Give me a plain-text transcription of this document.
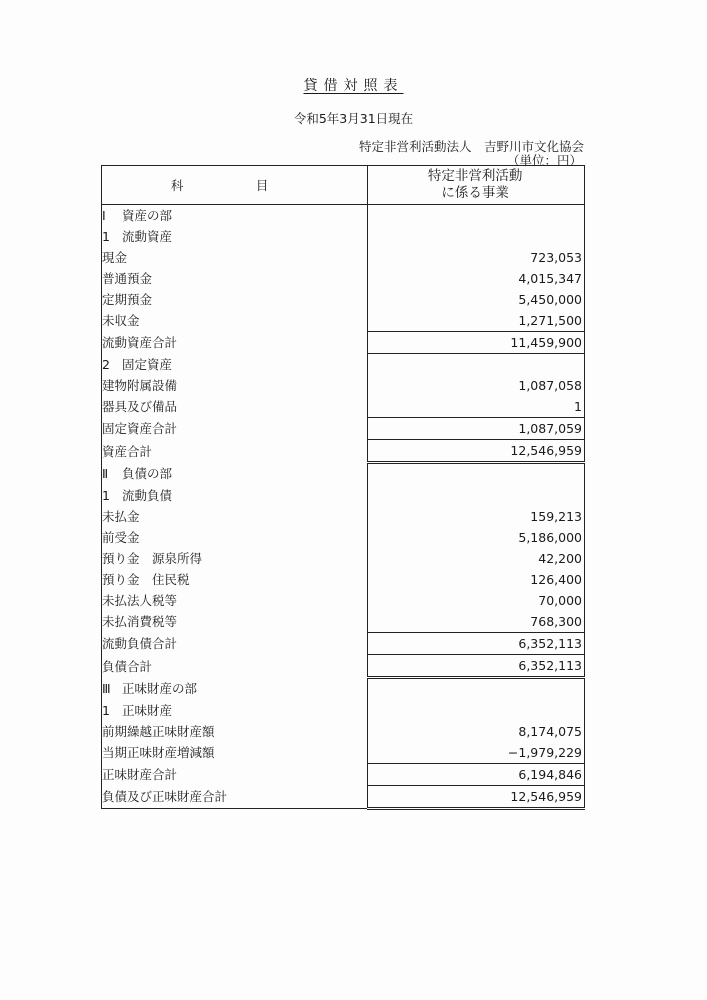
貸借対照表
令和5年3月31日現在
特定非営利活動法人　吉野川市文化協会
（単位：円）
科　目	特定非営利活動
に係る事業

Ⅰ 資産の部	
1 流動資産	
現金	723,053
普通預金	4,015,347
定期預金	5,450,000
未収金	1,271,500
流動資産合計	11,459,900
2 固定資産	
建物附属設備	1,087,058
器具及び備品	1
固定資産合計	1,087,059
資産合計	12,546,959
Ⅱ 負債の部	
1 流動負債	
未払金	159,213
前受金	5,186,000
預り金　源泉所得	42,200
預り金　住民税	126,400
未払法人税等	70,000
未払消費税等	768,300
流動負債合計	6,352,113
負債合計	6,352,113
Ⅲ 正味財産の部	
1 正味財産	
前期繰越正味財産額	8,174,075
当期正味財産増減額	−1,979,229
正味財産合計	6,194,846
負債及び正味財産合計	12,546,959
